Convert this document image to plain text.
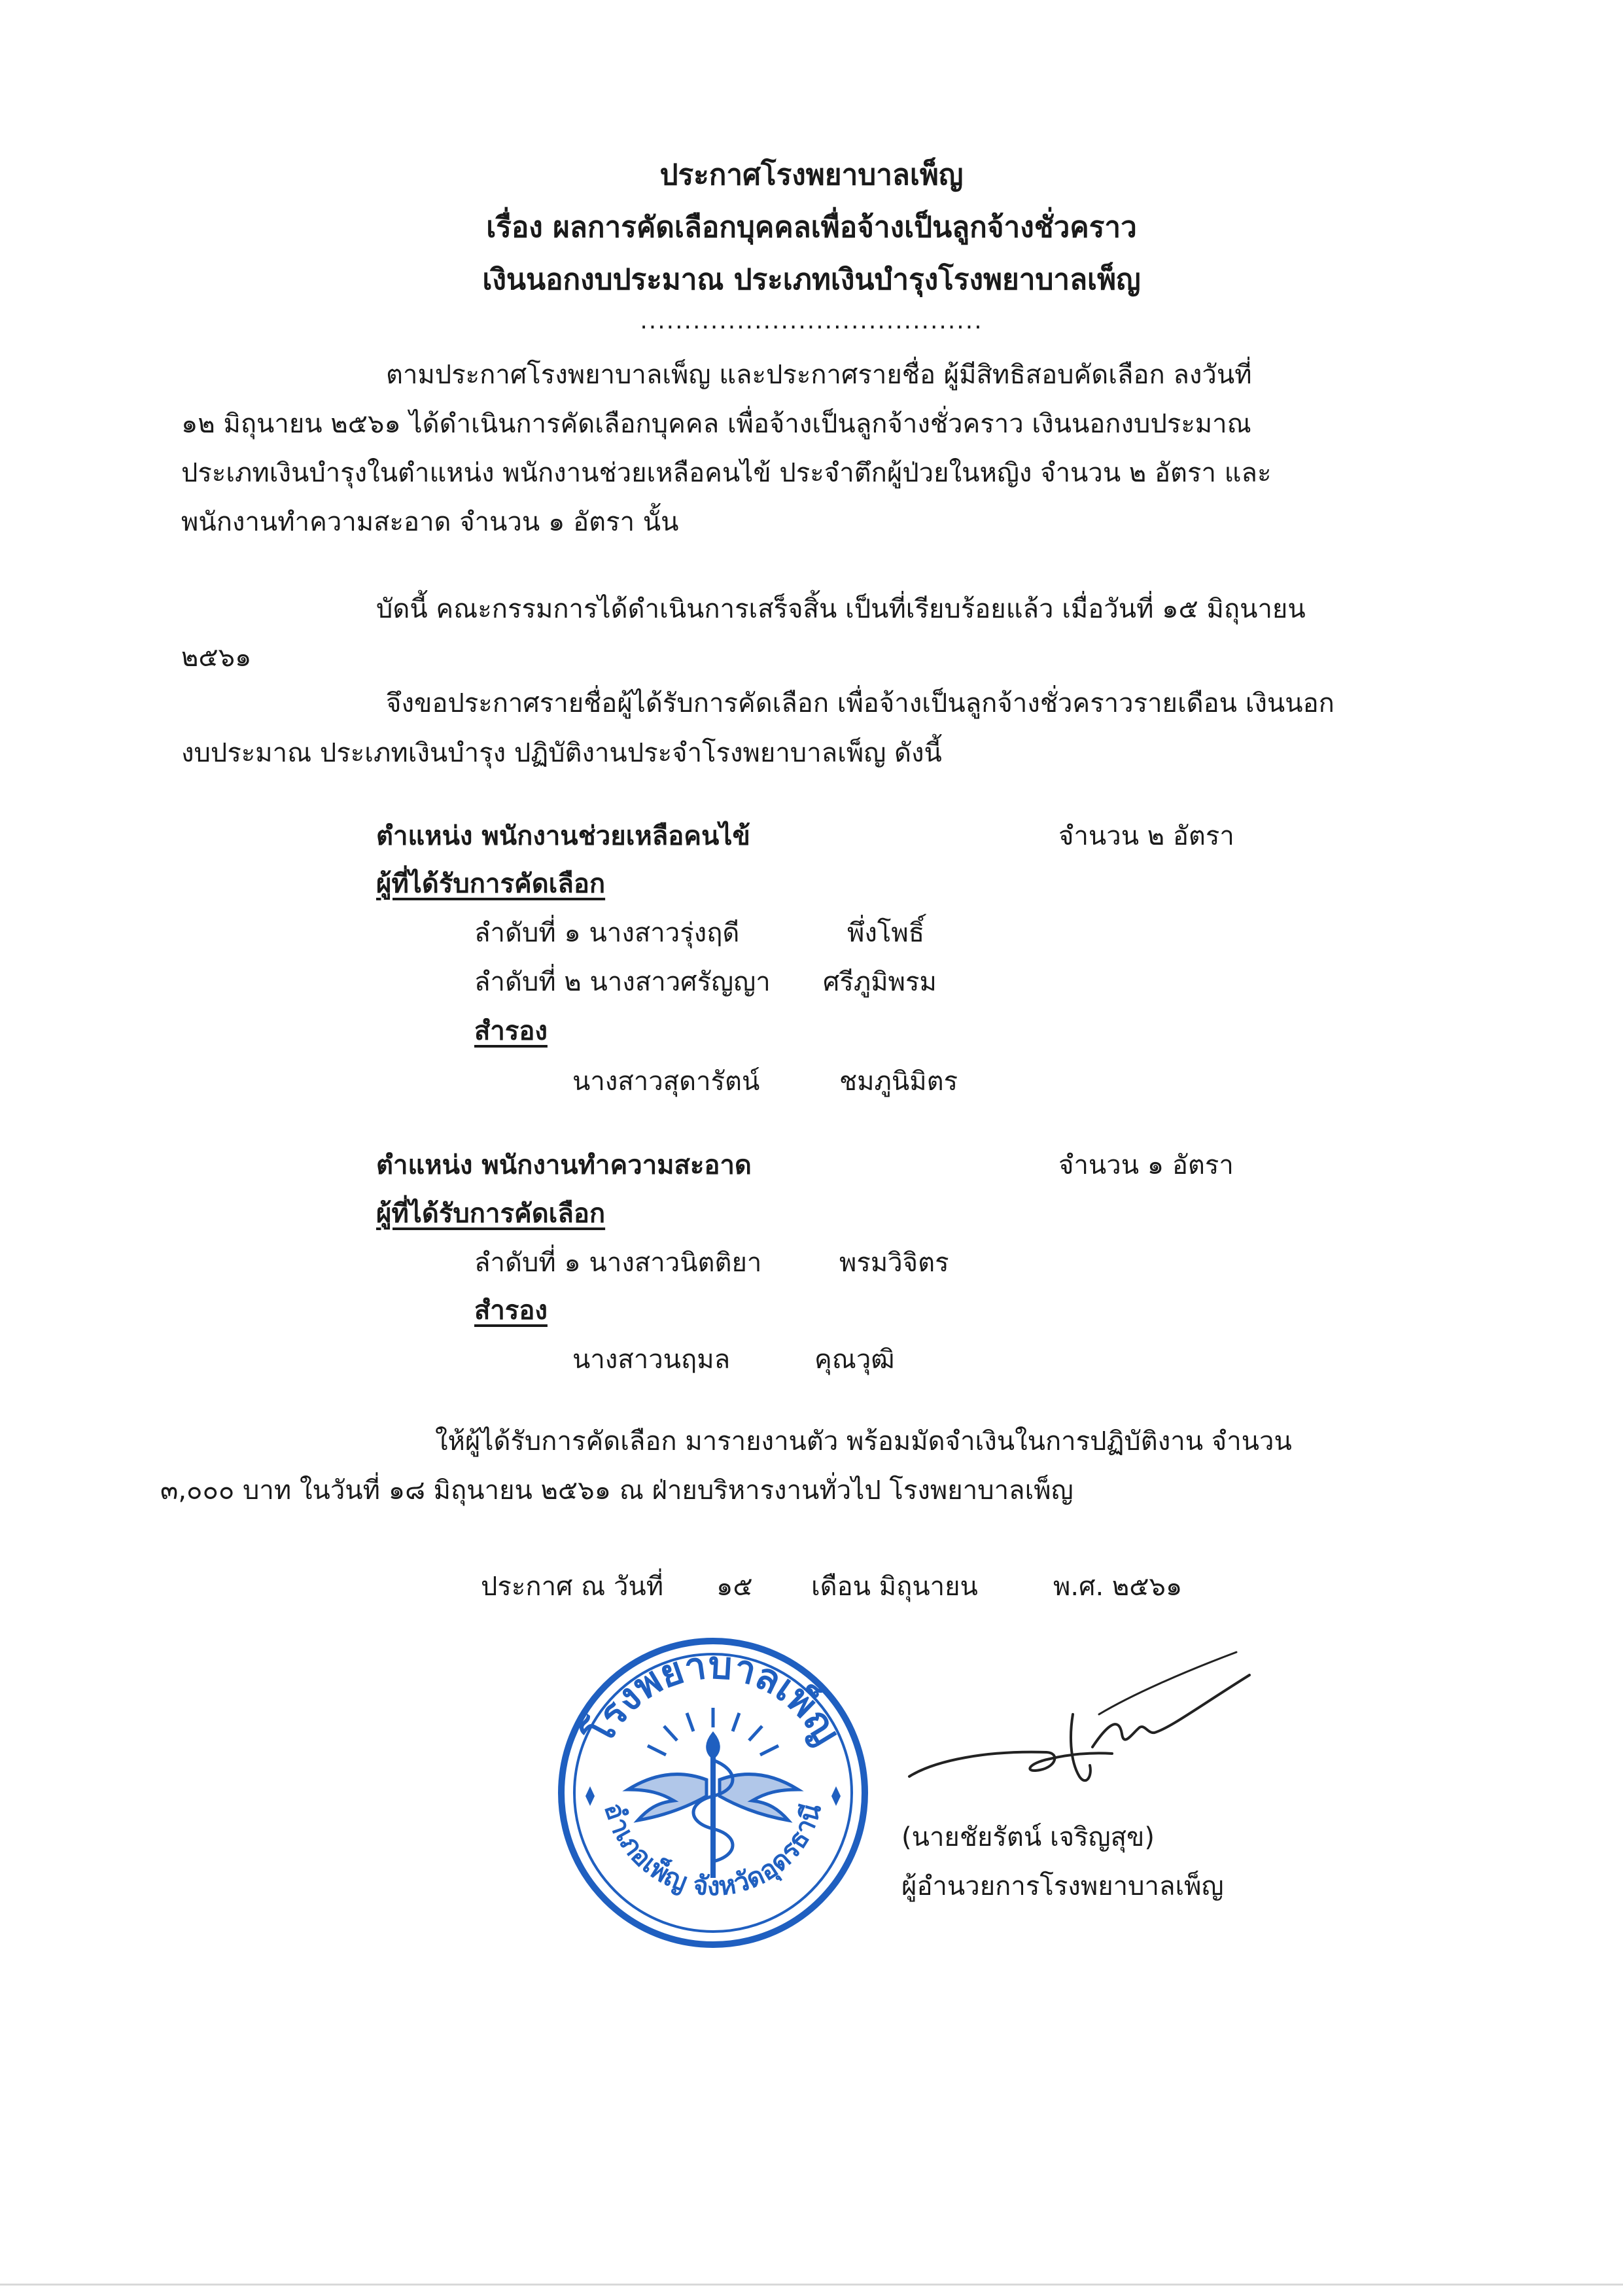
ประกาศโรงพยาบาลเพ็ญ
เรื่อง ผลการคัดเลือกบุคคลเพื่อจ้างเป็นลูกจ้างชั่วคราว
เงินนอกงบประมาณ ประเภทเงินบำรุงโรงพยาบาลเพ็ญ
.......................................
ตามประกาศโรงพยาบาลเพ็ญ และประกาศรายชื่อ ผู้มีสิทธิสอบคัดเลือก ลงวันที่
๑๒ มิถุนายน ๒๕๖๑ ได้ดำเนินการคัดเลือกบุคคล เพื่อจ้างเป็นลูกจ้างชั่วคราว เงินนอกงบประมาณ
ประเภทเงินบำรุงในตำแหน่ง พนักงานช่วยเหลือคนไข้ ประจำตึกผู้ป่วยในหญิง จำนวน ๒ อัตรา และ
พนักงานทำความสะอาด จำนวน ๑ อัตรา นั้น
บัดนี้ คณะกรรมการได้ดำเนินการเสร็จสิ้น เป็นที่เรียบร้อยแล้ว เมื่อวันที่ ๑๕ มิถุนายน
๒๕๖๑
จึงขอประกาศรายชื่อผู้ได้รับการคัดเลือก เพื่อจ้างเป็นลูกจ้างชั่วคราวรายเดือน เงินนอก
งบประมาณ ประเภทเงินบำรุง ปฏิบัติงานประจำโรงพยาบาลเพ็ญ ดังนี้
ตำแหน่ง พนักงานช่วยเหลือคนไข้	จำนวน ๒ อัตรา
ผู้ที่ได้รับการคัดเลือก
ลำดับที่ ๑ นางสาวรุ่งฤดี	พึ่งโพธิ์
ลำดับที่ ๒ นางสาวศรัญญา ศรีภูมิพรม
สำรอง
นางสาวสุดารัตน์	ชมภูนิมิตร
ตำแหน่ง พนักงานทำความสะอาด	จำนวน ๑ อัตรา
ผู้ที่ได้รับการคัดเลือก
ลำดับที่ ๑ นางสาวนิตติยา	พรมวิจิตร
สำรอง
นางสาวนฤมล	คุณวุฒิ
ให้ผู้ได้รับการคัดเลือก มารายงานตัว พร้อมมัดจำเงินในการปฏิบัติงาน จำนวน
๓,๐๐๐ บาท ในวันที่ ๑๘ มิถุนายน ๒๕๖๑ ณ ฝ่ายบริหารงานทั่วไป โรงพยาบาลเพ็ญ
ประกาศ ณ วันที่ ๑๕ เดือน มิถุนายน	พ.ศ. ๒๕๖๑
โรงพยาบาลเพ็ญ
อำเภอเพ็ญ จังหวัดอุดรธานี
(นายชัยรัตน์ เจริญสุข)
ผู้อำนวยการโรงพยาบาลเพ็ญ
